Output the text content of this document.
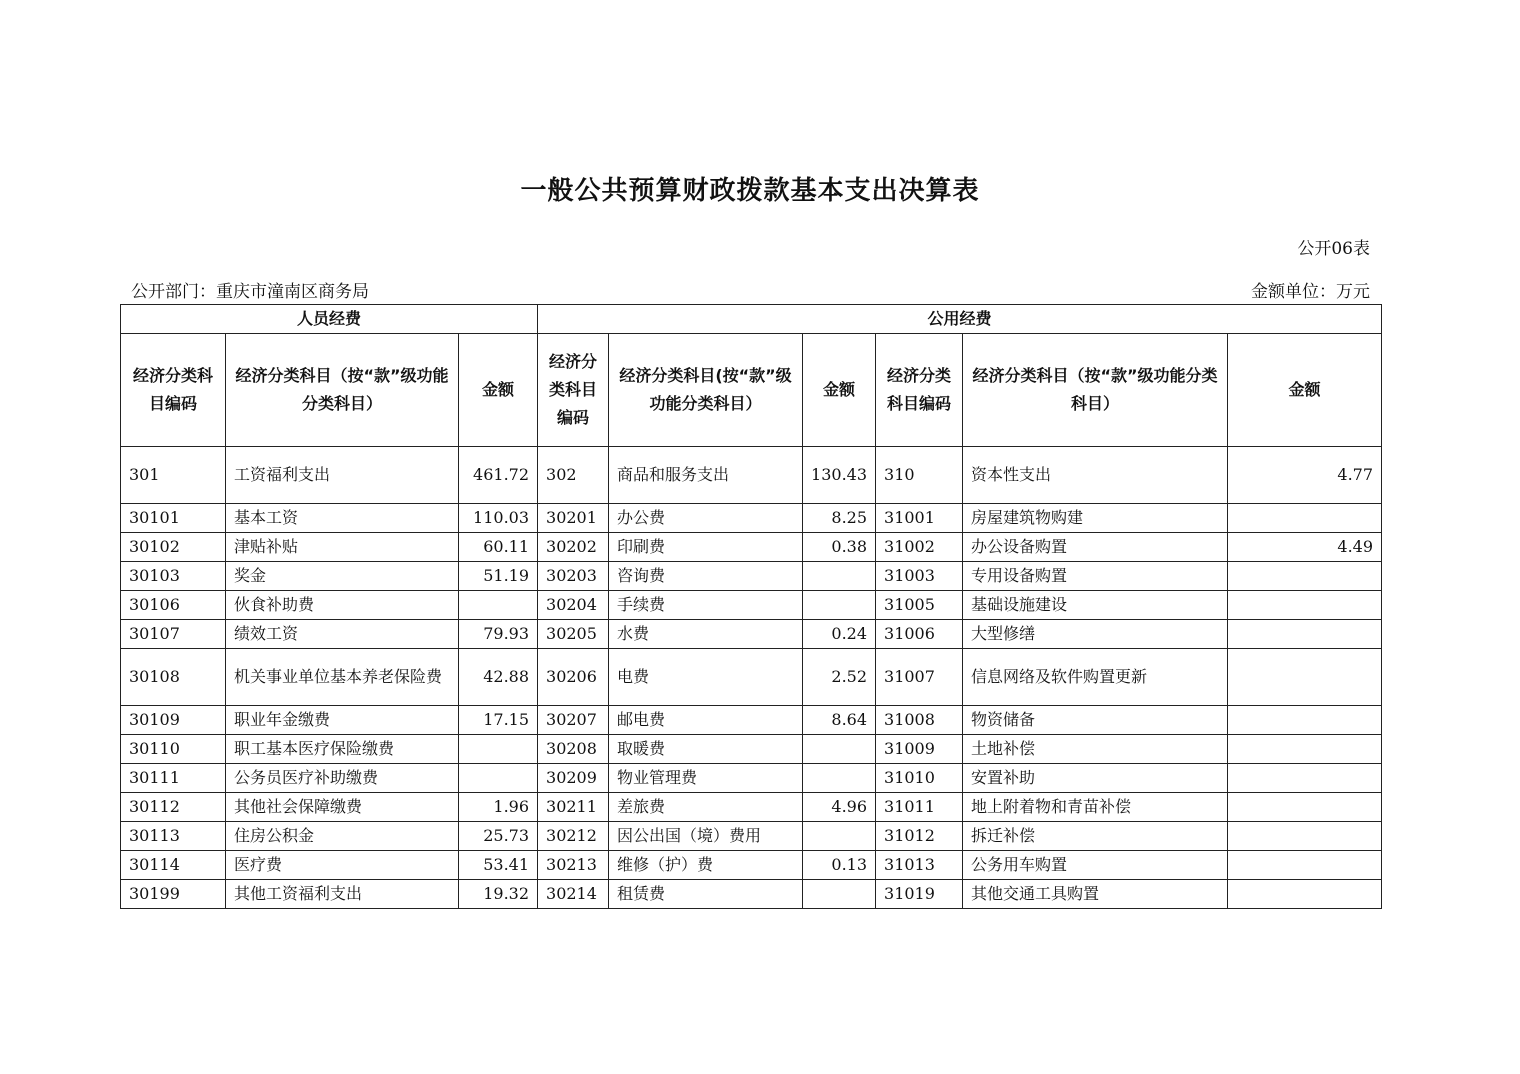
一般公共预算财政拨款基本支出决算表
公开06表
公开部门：重庆市潼南区商务局	金额单位：万元
人员经费			公用经费					
经济分类科目编码	经济分类科目（按“款”级功能分类科目）	金额	经济分类科目编码	经济分类科目(按“款”级功能分类科目）	金额	经济分类科目编码	经济分类科目（按“款”级功能分类科目）	金额
301	工资福利支出	461.72	302	商品和服务支出	130.43	310	资本性支出	4.77
30101	基本工资	110.03	30201	办公费	8.25	31001	房屋建筑物购建	
30102	津贴补贴	60.11	30202	印刷费	0.38	31002	办公设备购置	4.49
30103	奖金	51.19	30203	咨询费		31003	专用设备购置	
30106	伙食补助费		30204	手续费		31005	基础设施建设	
30107	绩效工资	79.93	30205	水费	0.24	31006	大型修缮	
30108	机关事业单位基本养老保险费	42.88	30206	电费	2.52	31007	信息网络及软件购置更新	
30109	职业年金缴费	17.15	30207	邮电费	8.64	31008	物资储备	
30110	职工基本医疗保险缴费		30208	取暖费		31009	土地补偿	
30111	公务员医疗补助缴费		30209	物业管理费		31010	安置补助	
30112	其他社会保障缴费	1.96	30211	差旅费	4.96	31011	地上附着物和青苗补偿	
30113	住房公积金	25.73	30212	因公出国（境）费用		31012	拆迁补偿	
30114	医疗费	53.41	30213	维修（护）费	0.13	31013	公务用车购置	
30199	其他工资福利支出	19.32	30214	租赁费		31019	其他交通工具购置	
